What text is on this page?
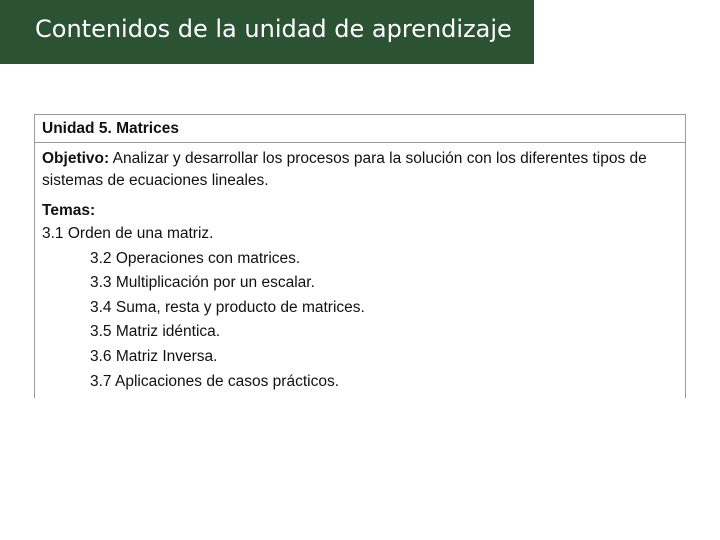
Contenidos de la unidad de aprendizaje
Unidad 5. Matrices
Objetivo: Analizar y desarrollar los procesos para la solución con los diferentes tipos de sistemas de ecuaciones lineales.
Temas:
3.1 Orden de una matriz.
3.2 Operaciones con matrices.
3.3 Multiplicación por un escalar.
3.4 Suma, resta y producto de matrices.
3.5 Matriz idéntica.
3.6 Matriz Inversa.
3.7 Aplicaciones de casos prácticos.
